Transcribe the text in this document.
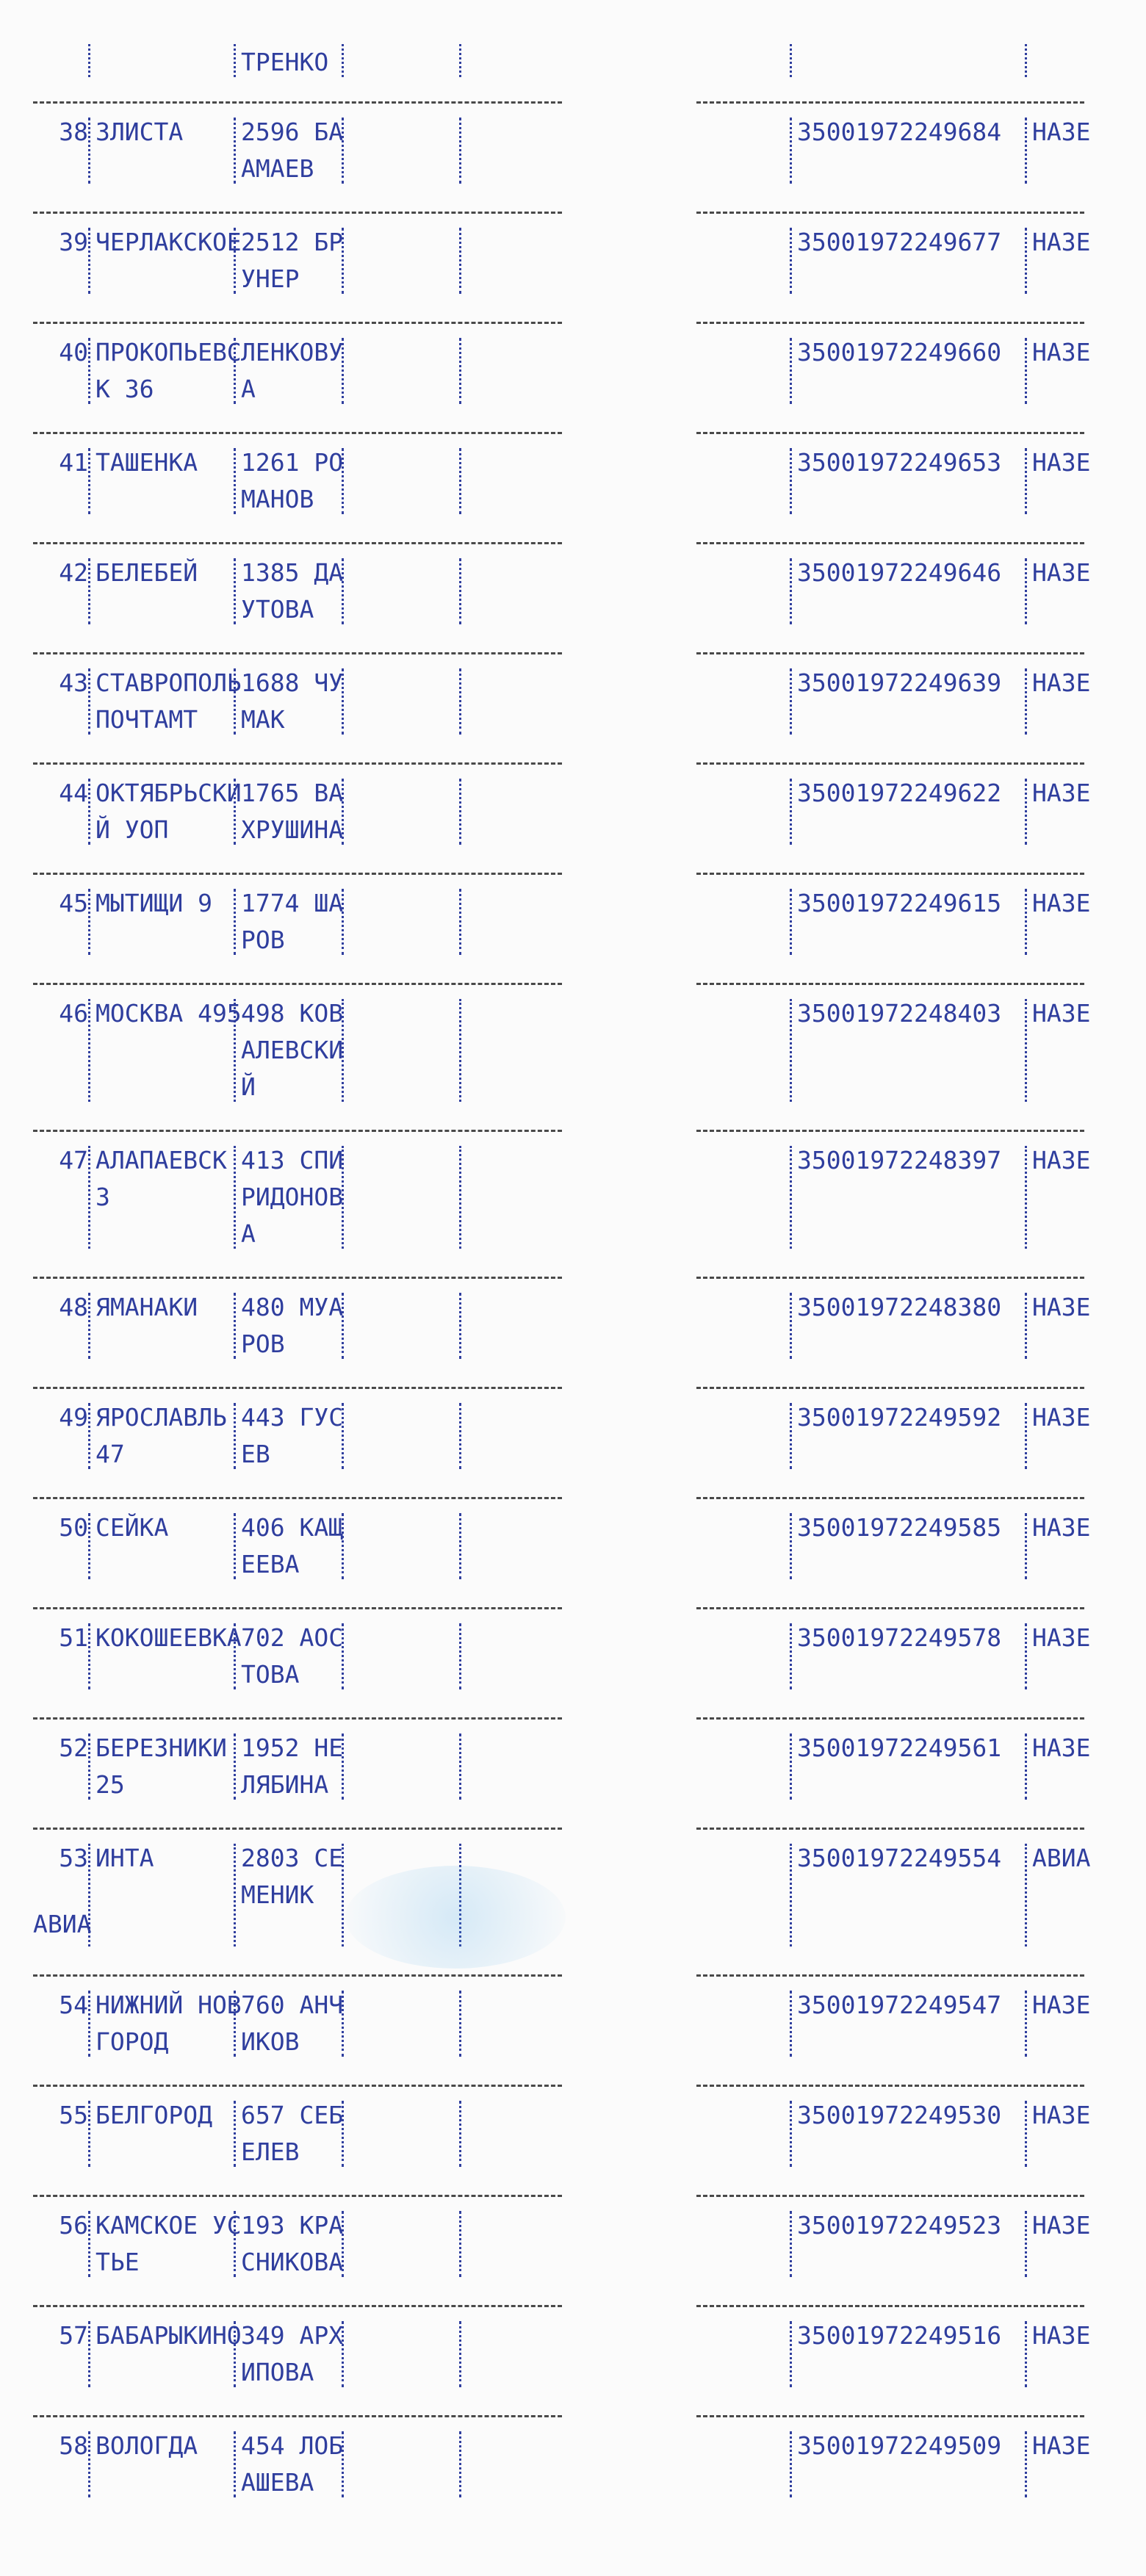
ТРЕНКО
38 ЗЛИСТА 2596 БА
АМАЕВ
35001972249684 НАЗЕ
39 ЧЕРЛАКСКОЕ 2512 БР
УНЕР
35001972249677 НАЗЕ
40 ПРОКОПЬЕВС
К 36
ЛЕНКОВУ
А
35001972249660 НАЗЕ
41 ТАШЕНКА 1261 РО
МАНОВ
35001972249653 НАЗЕ
42 БЕЛЕБЕЙ 1385 ДА
УТОВА
35001972249646 НАЗЕ
43 СТАВРОПОЛЬ
ПОЧТАМТ
1688 ЧУ
МАК
35001972249639 НАЗЕ
44 ОКТЯБРЬСКИ
Й УОП
1765 ВА
ХРУШИНА
35001972249622 НАЗЕ
45 МЫТИЩИ 9 1774 ША
РОВ
35001972249615 НАЗЕ
46 МОСКВА 495 498 КОВ
АЛЕВСКИ
Й
35001972248403 НАЗЕ
47 АЛАПАЕВСК
3
413 СПИ
РИДОНОВ
А
35001972248397 НАЗЕ
48 ЯМАНАКИ 480 МУА
РОВ
35001972248380 НАЗЕ
49 ЯРОСЛАВЛЬ
47
443 ГУС
ЕВ
35001972249592 НАЗЕ
50 СЕЙКА	406 КАЩ
ЕЕВА
35001972249585 НАЗЕ
51 КОКОШЕЕВКА 702 АОС
ТОВА
35001972249578 НАЗЕ
52 БЕРЕЗНИКИ
25
1952 НЕ
ЛЯБИНА
35001972249561 НАЗЕ
53 ИНТА	2803 СЕ
МЕНИК
35001972249554 АВИА
АВИА
54 НИЖНИЙ НОВ
ГОРОД
760 АНЧ
ИКОВ
35001972249547 НАЗЕ
55 БЕЛГОРОД 657 СЕБ
ЕЛЕВ
35001972249530 НАЗЕ
56 КАМСКОЕ УС
ТЬЕ
193 КРА
СНИКОВА
35001972249523 НАЗЕ
57 БАБАРЫКИНО 349 АРХ
ИПОВА
35001972249516 НАЗЕ
58 ВОЛОГДА 454 ЛОБ
АШЕВА
35001972249509 НАЗЕ
